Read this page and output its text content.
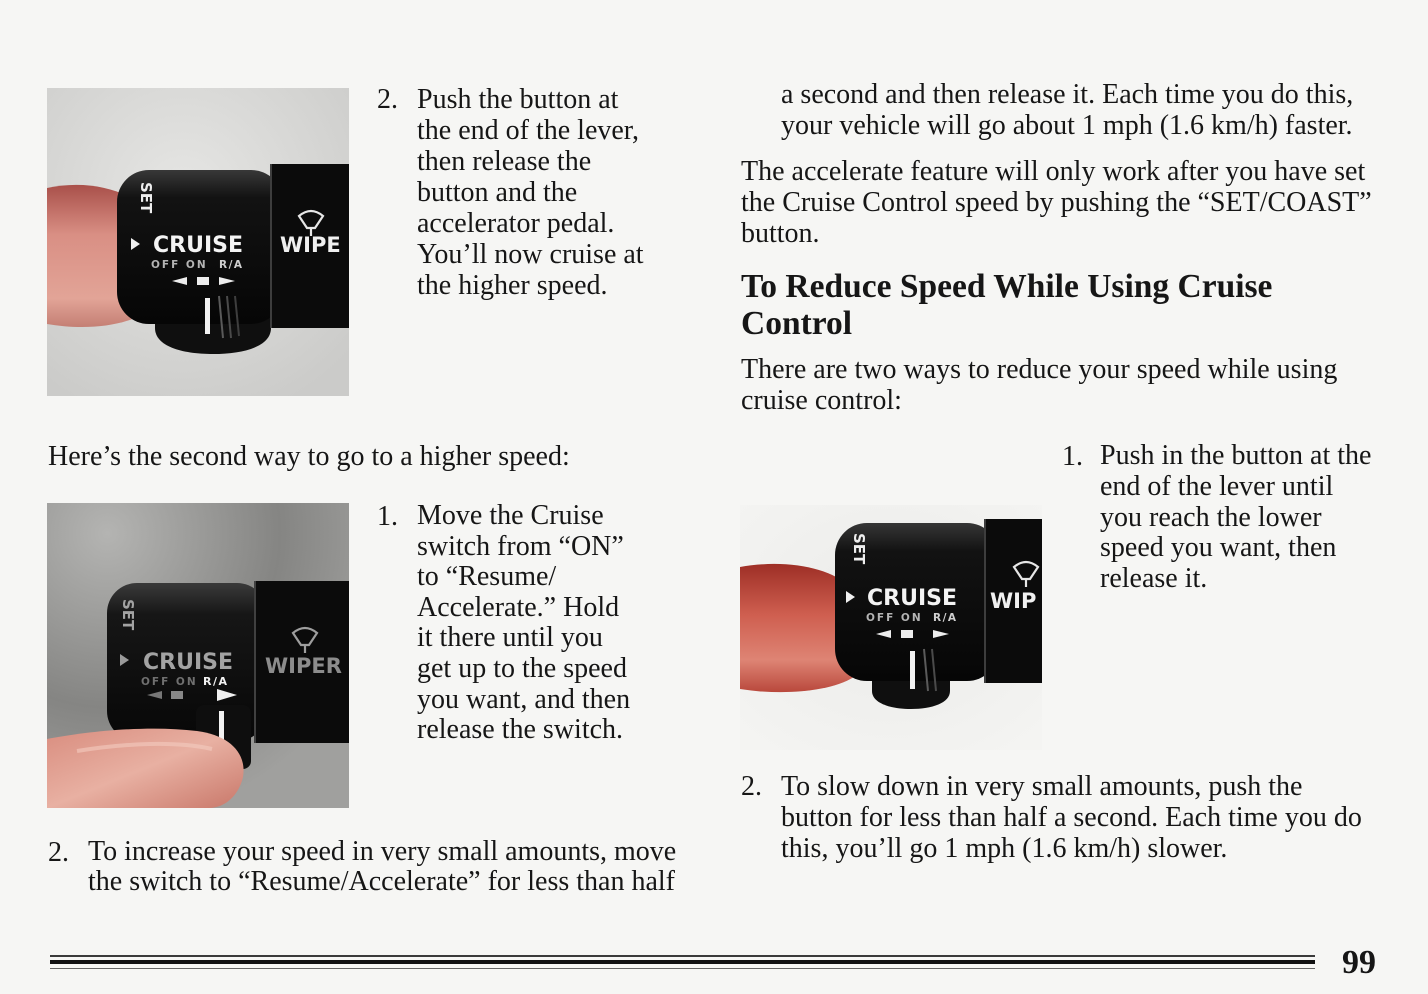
SET
CRUISE
OFF ON R/A
WIPE
2. Push the button at
the end of the lever,
then release the
button and the
accelerator pedal.
You’ll now cruise at
the higher speed.
Here’s the second way to go to a higher speed:
SET
CRUISE
OFF ON R/A
WIPER
1. Move the Cruise
switch from “ON”
to “Resume/
Accelerate.” Hold
it there until you
get up to the speed
you want, and then
release the switch.
2. To increase your speed in very small amounts, move
the switch to “Resume/Accelerate” for less than half
a second and then release it. Each time you do this,
your vehicle will go about 1 mph (1.6 km/h) faster.
The accelerate feature will only work after you have set
the Cruise Control speed by pushing the “SET/COAST”
button.
To Reduce Speed While Using Cruise
Control
There are two ways to reduce your speed while using
cruise control:
SET
CRUISE
OFF ON R/A
WIP
1. Push in the button at the
end of the lever until
you reach the lower
speed you want, then
release it.
2. To slow down in very small amounts, push the
button for less than half a second. Each time you do
this, you’ll go 1 mph (1.6 km/h) slower.
99
